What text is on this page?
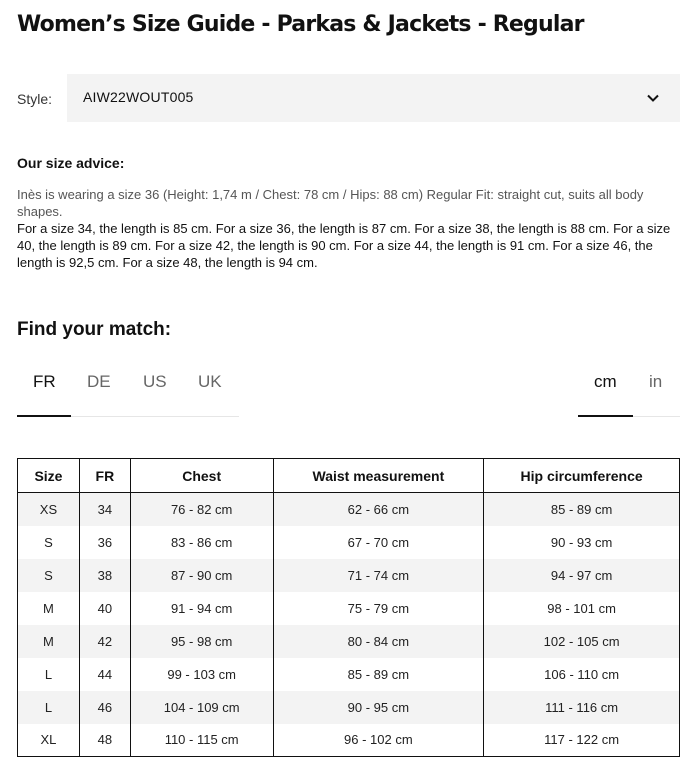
Women’s Size Guide - Parkas & Jackets - Regular
Style: AIW22WOUT005
Our size advice:
Inès is wearing a size 36 (Height: 1,74 m / Chest: 78 cm / Hips: 88 cm) Regular Fit: straight cut, suits all body shapes.
For a size 34, the length is 85 cm. For a size 36, the length is 87 cm. For a size 38, the length is 88 cm. For a size 40, the length is 89 cm. For a size 42, the length is 90 cm. For a size 44, the length is 91 cm. For a size 46, the length is 92,5 cm. For a size 48, the length is 94 cm.
Find your match:
FR DE US UK	cm in
Size	FR	Chest	Waist measurement	Hip circumference
XS	34	76 - 82 cm	62 - 66 cm	85 - 89 cm
S	36	83 - 86 cm	67 - 70 cm	90 - 93 cm
S	38	87 - 90 cm	71 - 74 cm	94 - 97 cm
M	40	91 - 94 cm	75 - 79 cm	98 - 101 cm
M	42	95 - 98 cm	80 - 84 cm	102 - 105 cm
L	44	99 - 103 cm	85 - 89 cm	106 - 110 cm
L	46	104 - 109 cm	90 - 95 cm	111 - 116 cm
XL	48	110 - 115 cm	96 - 102 cm	117 - 122 cm
